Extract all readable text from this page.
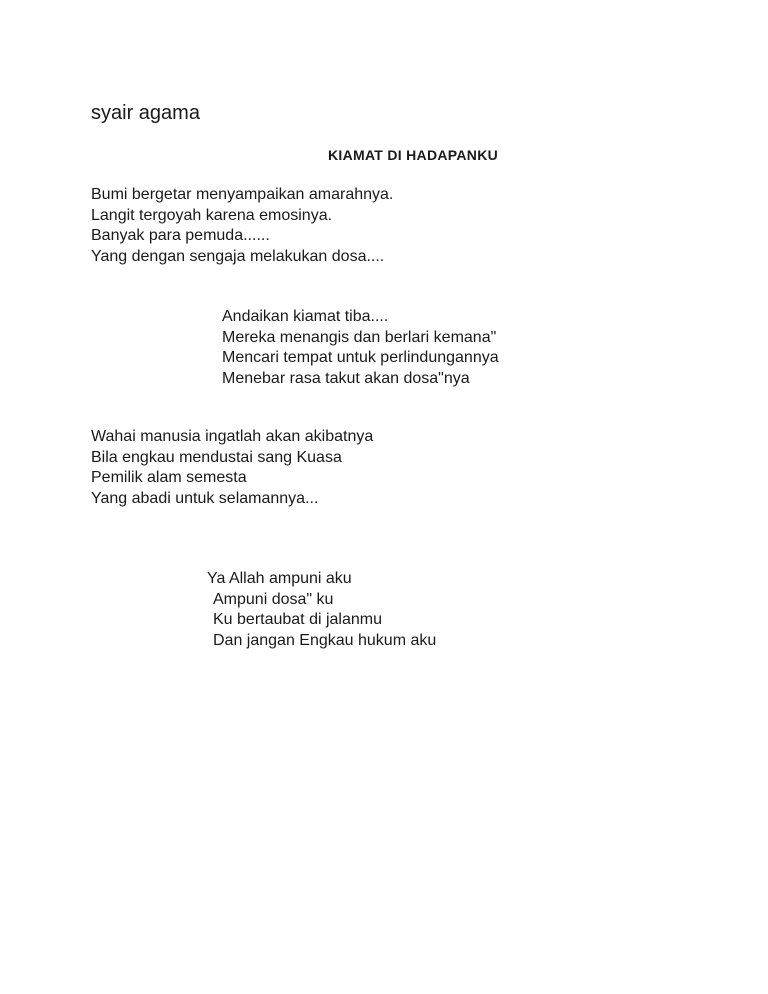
syair agama
KIAMAT DI HADAPANKU
Bumi bergetar menyampaikan amarahnya.
Langit tergoyah karena emosinya.
Banyak para pemuda......
Yang dengan sengaja melakukan dosa....
Andaikan kiamat tiba....
Mereka menangis dan berlari kemana"
Mencari tempat untuk perlindungannya
Menebar rasa takut akan dosa"nya
Wahai manusia ingatlah akan akibatnya
Bila engkau mendustai sang Kuasa
Pemilik alam semesta
Yang abadi untuk selamannya...
Ya Allah ampuni aku
Ampuni dosa" ku
Ku bertaubat di jalanmu
Dan jangan Engkau hukum aku
